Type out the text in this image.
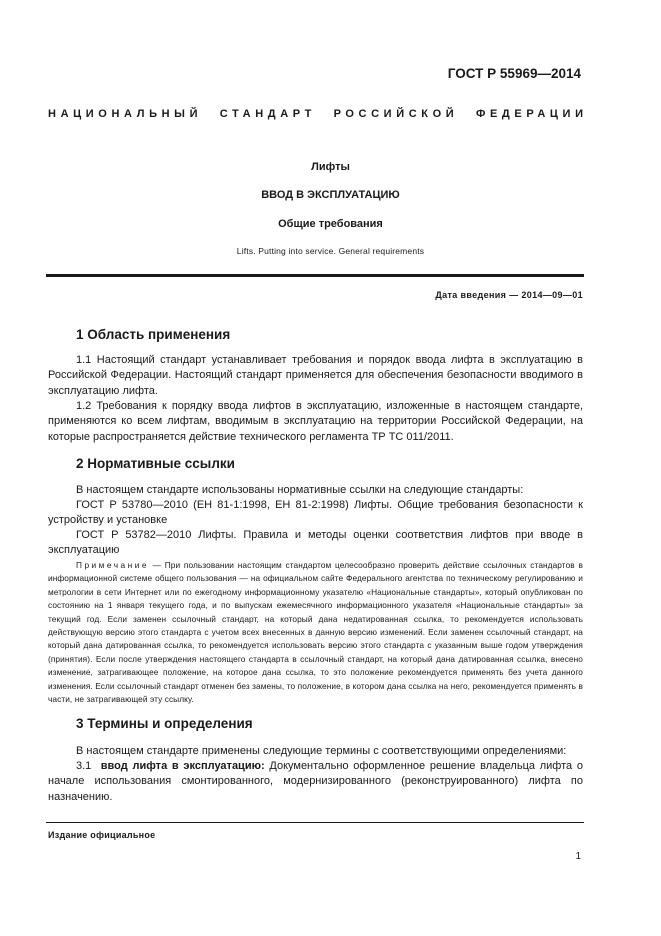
ГОСТ Р 55969—2014
НАЦИОНАЛЬНЫЙ СТАНДАРТ РОССИЙСКОЙ ФЕДЕРАЦИИ
Лифты
ВВОД В ЭКСПЛУАТАЦИЮ
Общие требования
Lifts. Putting into service. General requirements
Дата введения — 2014—09—01
1 Область применения

1.1 Настоящий стандарт устанавливает требования и порядок ввода лифта в эксплуатацию в Российской Федерации. Настоящий стандарт применяется для обеспечения безопасности вводимого в эксплуатацию лифта.

1.2 Требования к порядку ввода лифтов в эксплуатацию, изложенные в настоящем стандарте, применяются ко всем лифтам, вводимым в эксплуатацию на территории Российской Федерации, на которые распространяется действие технического регламента ТР ТС 011/2011.

2 Нормативные ссылки

В настоящем стандарте использованы нормативные ссылки на следующие стандарты:

ГОСТ Р 53780—2010 (ЕН 81-1:1998, ЕН 81-2:1998) Лифты. Общие требования безопасности к устройству и установке

ГОСТ Р 53782—2010 Лифты. Правила и методы оценки соответствия лифтов при вводе в эксплуатацию

Примечание — При пользовании настоящим стандартом целесообразно проверить действие ссылочных стандартов в информационной системе общего пользования — на официальном сайте Федерального агентства по техническому регулированию и метрологии в сети Интернет или по ежегодному информационному указателю «Национальные стандарты», который опубликован по состоянию на 1 января текущего года, и по выпускам ежемесячного информационного указателя «Национальные стандарты» за текущий год. Если заменен ссылочный стандарт, на который дана недатированная ссылка, то рекомендуется использовать действующую версию этого стандарта с учетом всех внесенных в данную версию изменений. Если заменен ссылочный стандарт, на который дана датированная ссылка, то рекомендуется использовать версию этого стандарта с указанным выше годом утверждения (принятия). Если после утверждения настоящего стандарта в ссылочный стандарт, на который дана датированная ссылка, внесено изменение, затрагивающее положение, на которое дана ссылка, то это положение рекомендуется применять без учета данного изменения. Если ссылочный стандарт отменен без замены, то положение, в котором дана ссылка на него, рекомендуется применять в части, не затрагивающей эту ссылку.

3 Термины и определения

В настоящем стандарте применены следующие термины с соответствующими определениями:

3.1 ввод лифта в эксплуатацию: Документально оформленное решение владельца лифта о начале использования смонтированного, модернизированного (реконструированного) лифта по назначению.

Издание официальное
1
